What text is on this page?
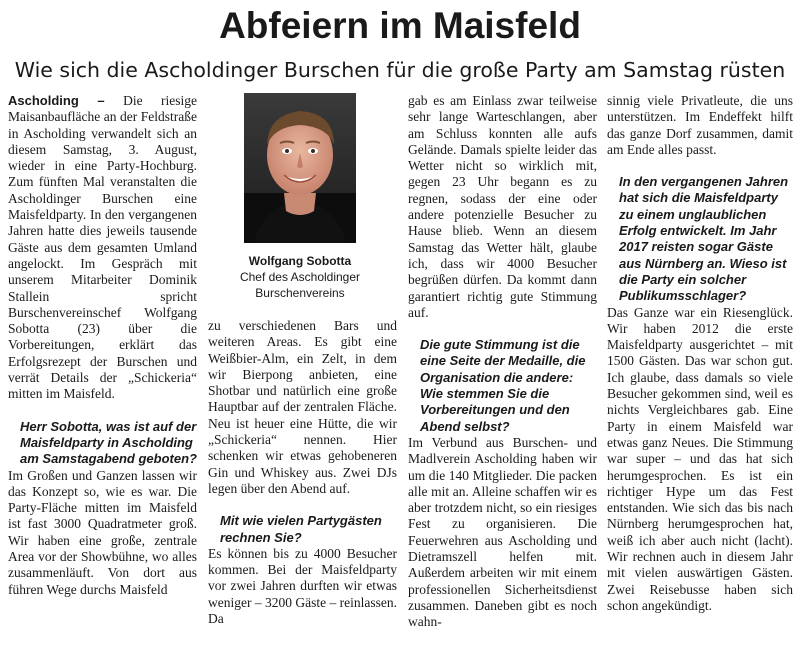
Abfeiern im Maisfeld
Wie sich die Ascholdinger Burschen für die große Party am Samstag rüsten

Ascholding – Die riesige Maisanbaufläche an der Feldstraße in Ascholding verwandelt sich an diesem Samstag, 3. August, wieder in eine Party-Hochburg. Zum fünften Mal veranstalten die Ascholdinger Burschen eine Maisfeldparty. In den vergangenen Jahren hatte dies jeweils tausende Gäste aus dem gesamten Umland angelockt. Im Gespräch mit unserem Mitarbeiter Dominik Stallein spricht Burschenvereinschef Wolfgang Sobotta (23) über die Vorbereitungen, erklärt das Erfolgsrezept der Burschen und verrät Details der „Schickeria“ mitten im Maisfeld.

Herr Sobotta, was ist auf der Maisfeldparty in Ascholding am Samstagabend geboten?

Im Großen und Ganzen lassen wir das Konzept so, wie es war. Die Party-Fläche mitten im Maisfeld ist fast 3000 Quadratmeter groß. Wir haben eine große, zentrale Area vor der Showbühne, wo alles zusammenläuft. Von dort aus führen Wege durchs Maisfeld

Wolfgang Sobotta
Chef des Ascholdinger
Burschenvereins

zu verschiedenen Bars und weiteren Areas. Es gibt eine Weißbier-Alm, ein Zelt, in dem wir Bierpong anbieten, eine Shotbar und natürlich eine große Hauptbar auf der zentralen Fläche. Neu ist heuer eine Hütte, die wir „Schickeria“ nennen. Hier schenken wir etwas gehobeneren Gin und Whiskey aus. Zwei DJs legen über den Abend auf.

Mit wie vielen Partygästen rechnen Sie?

Es können bis zu 4000 Besucher kommen. Bei der Maisfeldparty vor zwei Jahren durften wir etwas weniger – 3200 Gäste – reinlassen. Da

gab es am Einlass zwar teilweise sehr lange Warteschlangen, aber am Schluss konnten alle aufs Gelände. Damals spielte leider das Wetter nicht so wirklich mit, gegen 23 Uhr begann es zu regnen, sodass der eine oder andere potenzielle Besucher zu Hause blieb. Wenn an diesem Samstag das Wetter hält, glaube ich, dass wir 4000 Besucher begrüßen dürfen. Da kommt dann garantiert richtig gute Stimmung auf.

Die gute Stimmung ist die eine Seite der Medaille, die Organisation die andere: Wie stemmen Sie die Vorbereitungen und den Abend selbst?

Im Verbund aus Burschen- und Madlverein Ascholding haben wir um die 140 Mitglieder. Die packen alle mit an. Alleine schaffen wir es aber trotzdem nicht, so ein riesiges Fest zu organisieren. Die Feuerwehren aus Ascholding und Dietramszell helfen mit. Außerdem arbeiten wir mit einem professionellen Sicherheitsdienst zusammen. Daneben gibt es noch wahn-

sinnig viele Privatleute, die uns unterstützen. Im Endeffekt hilft das ganze Dorf zusammen, damit am Ende alles passt.

In den vergangenen Jahren hat sich die Maisfeldparty zu einem unglaublichen Erfolg entwickelt. Im Jahr 2017 reisten sogar Gäste aus Nürnberg an. Wieso ist die Party ein solcher Publikumsschlager?

Das Ganze war ein Riesenglück. Wir haben 2012 die erste Maisfeldparty ausgerichtet – mit 1500 Gästen. Das war schon gut. Ich glaube, dass damals so viele Besucher gekommen sind, weil es nichts Vergleichbares gab. Eine Party in einem Maisfeld war etwas ganz Neues. Die Stimmung war super – und das hat sich herumgesprochen. Es ist ein richtiger Hype um das Fest entstanden. Wie sich das bis nach Nürnberg herumgesprochen hat, weiß ich aber auch nicht (lacht). Wir rechnen auch in diesem Jahr mit vielen auswärtigen Gästen. Zwei Reisebusse haben sich schon angekündigt.
